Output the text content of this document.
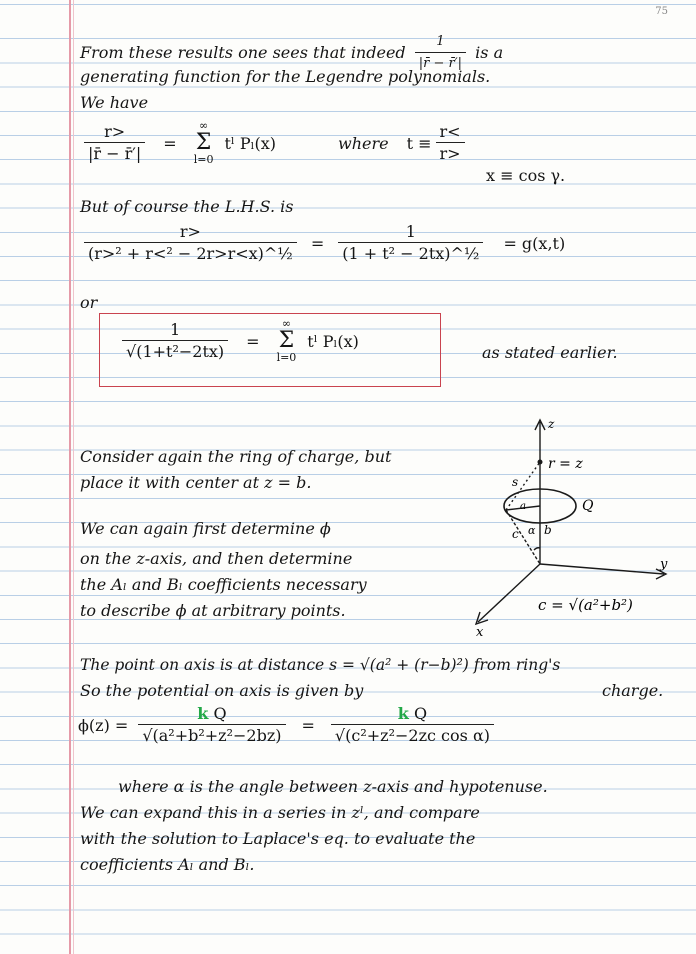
75
From these results one sees that indeed $\frac{1}{|r̄ - r̄'|}$ is a
generating function for the Legendre polynomials.
We have
$\frac{r>}{|r̄ - r̄'|}$ =
∞
Σ
l=0
tˡ Pₗ(x)	where $t \equiv \frac{r<}{r>}$
x ≡ cos γ.
But of course the L.H.S. is
$\frac{r>}{\text{(r>² + r<² − 2r>r<x)\textasciicircum{}½}} = \frac{1}{\text{(1 + t² − 2tx)\textasciicircum{}½}} = g(x,t)$
or
$\frac{1}{\text{√(1+t²−2tx)}}$ =
∞
Σ
l=0
tˡ Pₗ(x)
as stated earlier.
Consider again the ring of charge, but
place it with center at z = b.
We can again first determine ϕ
on the z-axis, and then determine
the Aₗ and Bₗ coefficients necessary
to describe ϕ at arbitrary points.
z
r = z
s
a	Q
c α b
y
x
c = √(a²+b²)
The point on axis is at distance s = √(a² + (r−b)²) from ring's
So the potential on axis is given by	charge.
$\phi(z) = \frac{\text{k Q}}{\text{√(a²+b²+z²−2bz)}} = \frac{\text{k Q}}{\text{√(c²+z²−2zc cos α)}}$
where α is the angle between z-axis and hypotenuse.
We can expand this in a series in zˡ, and compare
with the solution to Laplace's eq. to evaluate the
coefficients Aₗ and Bₗ.
